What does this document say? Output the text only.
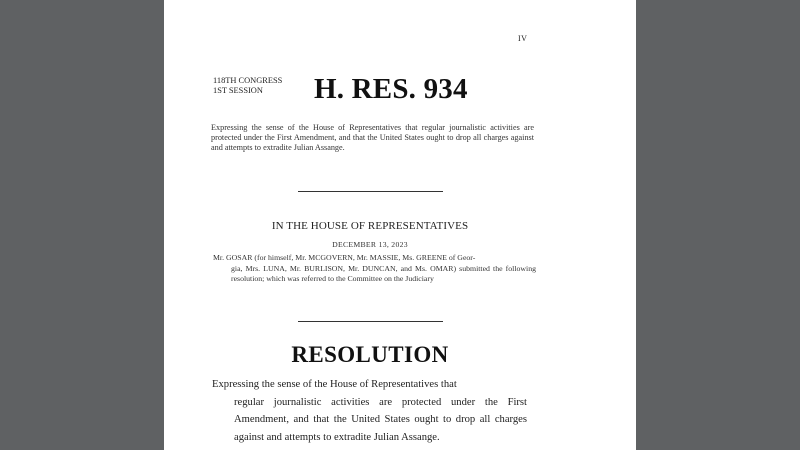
IV
118TH CONGRESS
1ST SESSION	H. RES. 934
Expressing the sense of the House of Representatives that regular journalistic activities are protected under the First Amendment, and that the United States ought to drop all charges against and attempts to extradite Julian Assange.
IN THE HOUSE OF REPRESENTATIVES
DECEMBER 13, 2023
Mr. GOSAR (for himself, Mr. MCGOVERN, Mr. MASSIE, Ms. GREENE of Geor-
gia, Mrs. LUNA, Mr. BURLISON, Mr. DUNCAN, and Ms. OMAR) submitted the following resolution; which was referred to the Committee on the Judiciary
RESOLUTION
Expressing the sense of the House of Representatives that
regular journalistic activities are protected under the First Amendment, and that the United States ought to drop all charges against and attempts to extradite Julian Assange.
